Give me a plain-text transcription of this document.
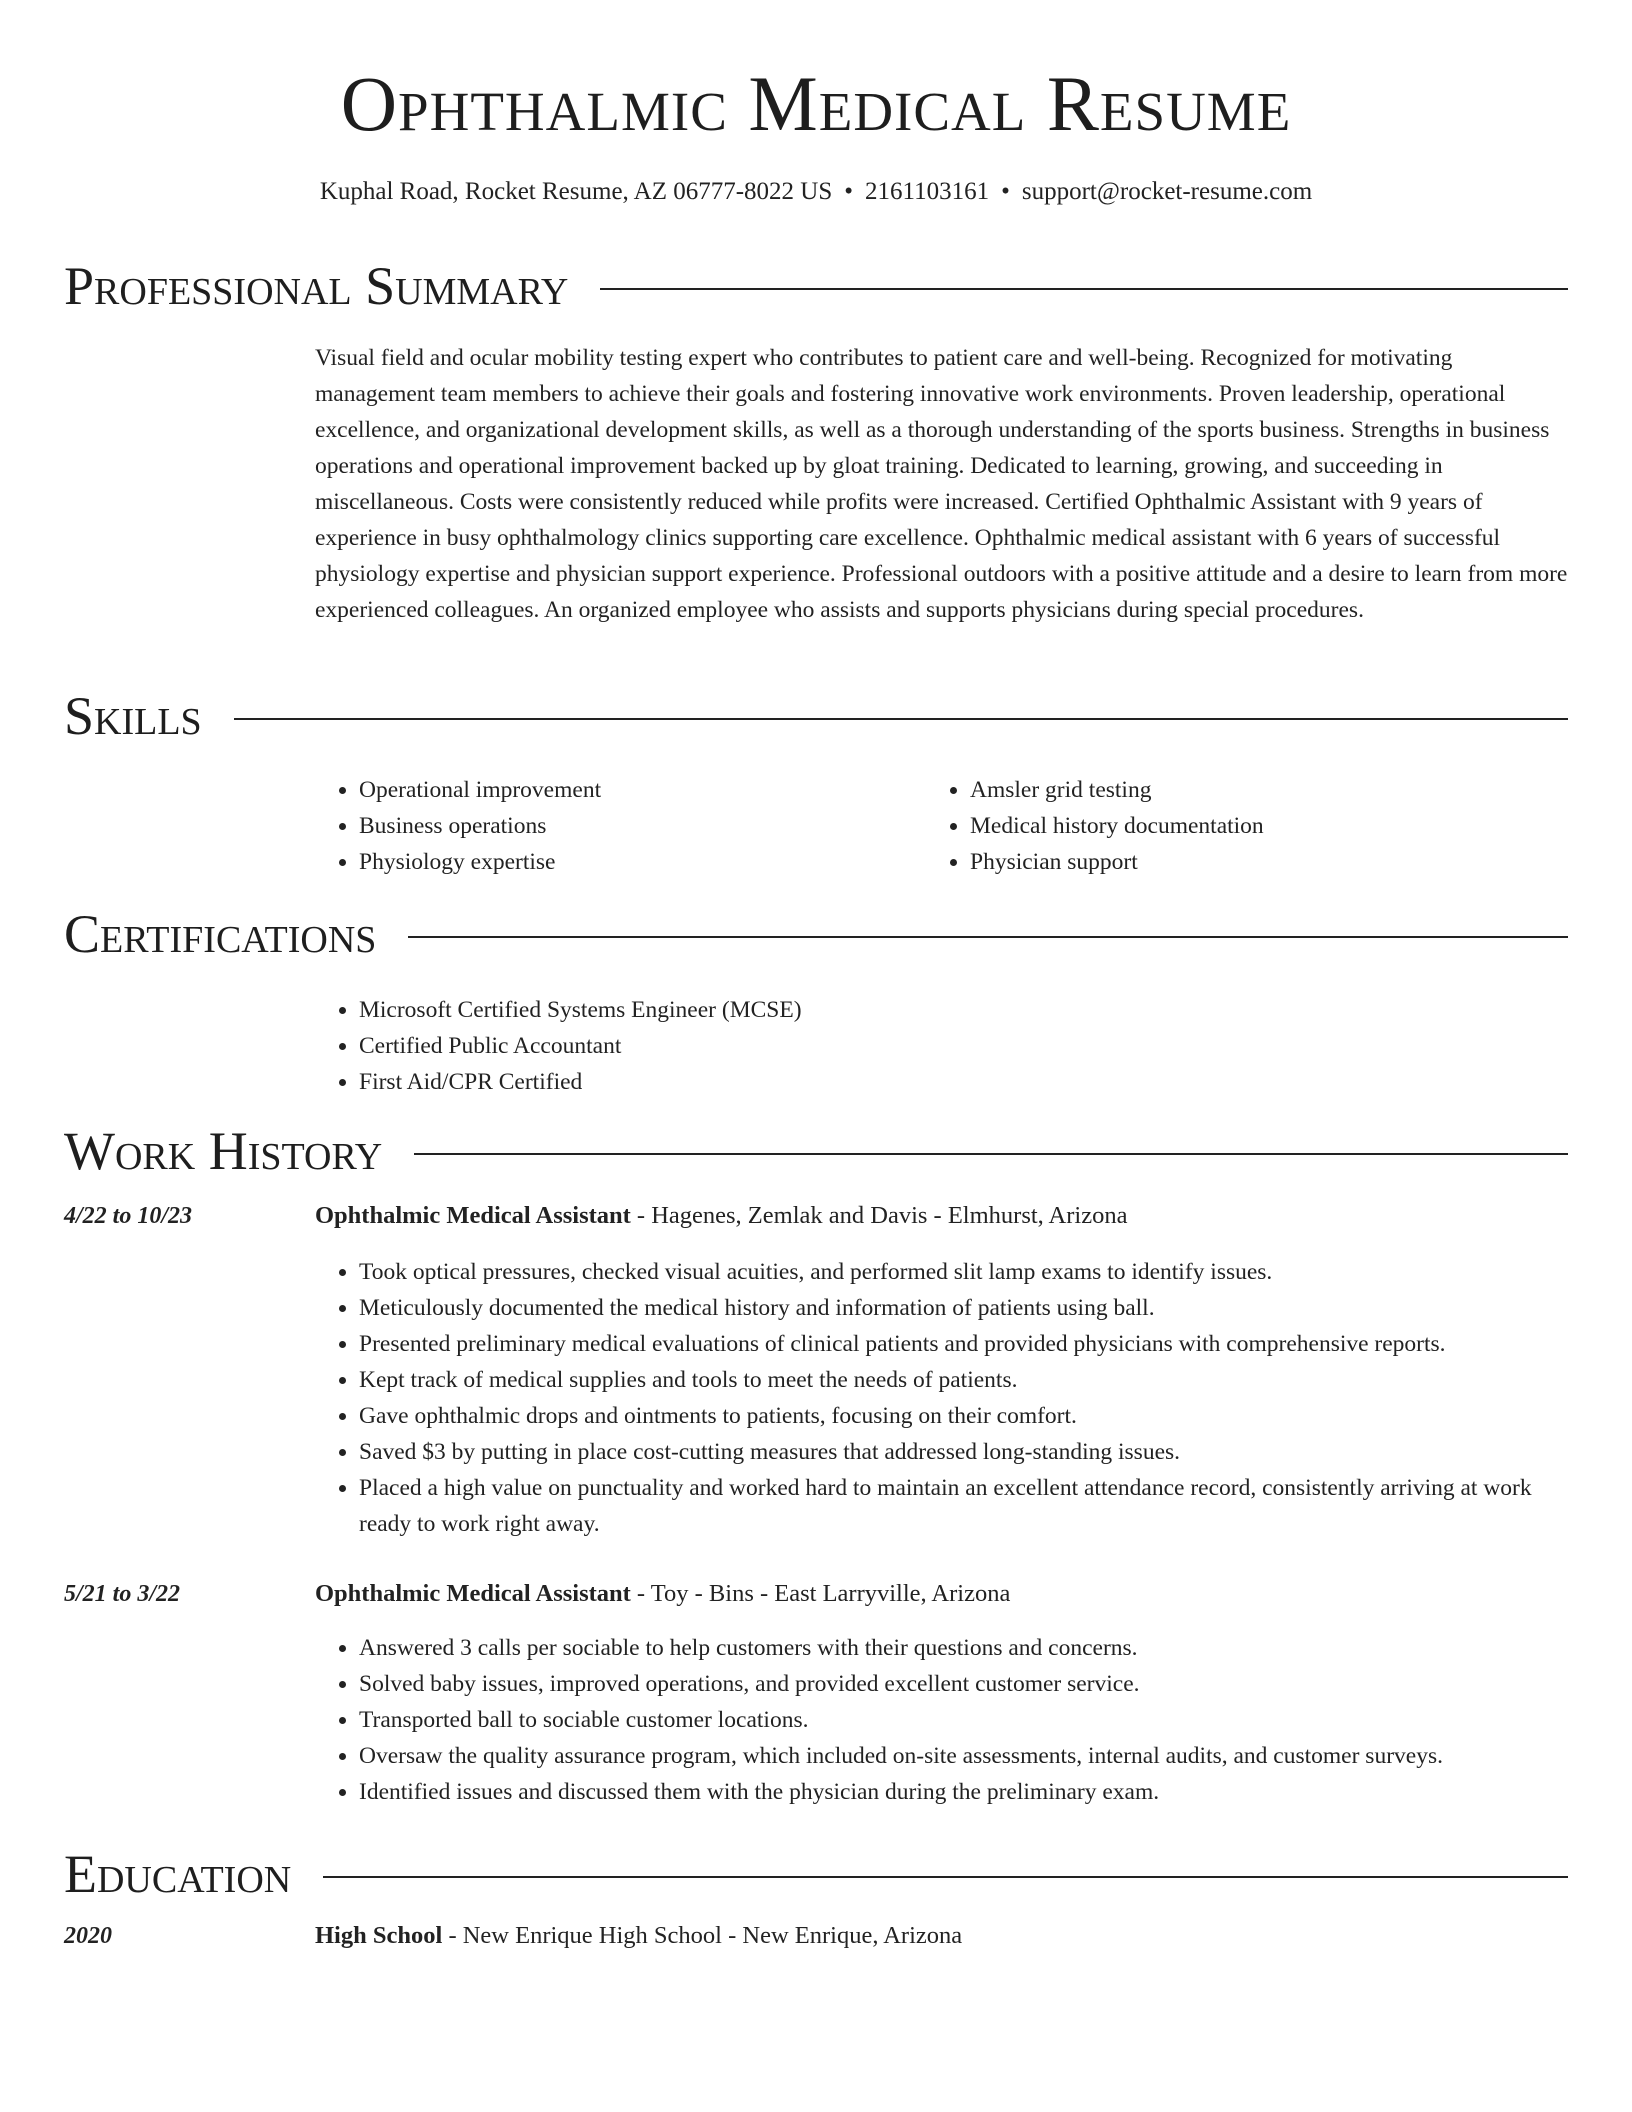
Ophthalmic Medical Resume
Kuphal Road, Rocket Resume, AZ 06777-8022 US • 2161103161 • support@rocket-resume.com
Professional Summary

Visual field and ocular mobility testing expert who contributes to patient care and well-being. Recognized for motivating management team members to achieve their goals and fostering innovative work environments. Proven leadership, operational excellence, and organizational development skills, as well as a thorough understanding of the sports business. Strengths in business operations and operational improvement backed up by gloat training. Dedicated to learning, growing, and succeeding in miscellaneous. Costs were consistently reduced while profits were increased. Certified Ophthalmic Assistant with 9 years of experience in busy ophthalmology clinics supporting care excellence. Ophthalmic medical assistant with 6 years of successful physiology expertise and physician support experience. Professional outdoors with a positive attitude and a desire to learn from more experienced colleagues. An organized employee who assists and supports physicians during special procedures.

Skills
• Operational improvement
• Business operations
• Physiology expertise
• Amsler grid testing
• Medical history documentation
• Physician support
Certifications
• Microsoft Certified Systems Engineer (MCSE)
• Certified Public Accountant
• First Aid/CPR Certified
Work History
4/22 to 10/23	Ophthalmic Medical Assistant - Hagenes, Zemlak and Davis - Elmhurst, Arizona
• Took optical pressures, checked visual acuities, and performed slit lamp exams to identify issues.
• Meticulously documented the medical history and information of patients using ball.
• Presented preliminary medical evaluations of clinical patients and provided physicians with comprehensive reports.
• Kept track of medical supplies and tools to meet the needs of patients.
• Gave ophthalmic drops and ointments to patients, focusing on their comfort.
• Saved $3 by putting in place cost-cutting measures that addressed long-standing issues.
• Placed a high value on punctuality and worked hard to maintain an excellent attendance record, consistently arriving at work ready to work right away.
5/21 to 3/22	Ophthalmic Medical Assistant - Toy - Bins - East Larryville, Arizona
• Answered 3 calls per sociable to help customers with their questions and concerns.
• Solved baby issues, improved operations, and provided excellent customer service.
• Transported ball to sociable customer locations.
• Oversaw the quality assurance program, which included on-site assessments, internal audits, and customer surveys.
• Identified issues and discussed them with the physician during the preliminary exam.
Education
2020	High School - New Enrique High School - New Enrique, Arizona
